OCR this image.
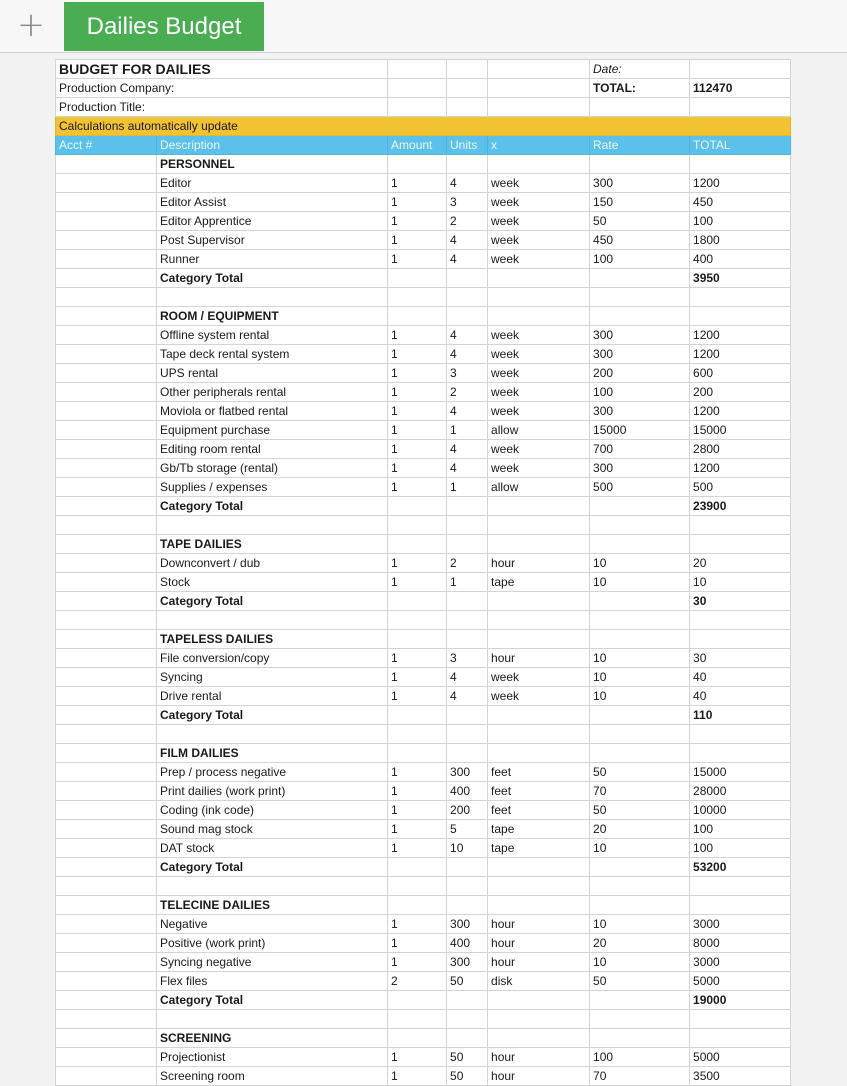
+	Dailies Budget
BUDGET FOR DAILIES					Date:	
Production Company:					TOTAL:	112470
Production Title:						
Calculations automatically update						
Acct #	Description	Amount	Units	x	Rate	TOTAL
	PERSONNEL					
	Editor	1	4	week	300	1200
	Editor Assist	1	3	week	150	450
	Editor Apprentice	1	2	week	50	100
	Post Supervisor	1	4	week	450	1800
	Runner	1	4	week	100	400
	Category Total					3950

	ROOM / EQUIPMENT					
	Offline system rental	1	4	week	300	1200
	Tape deck rental system	1	4	week	300	1200
	UPS rental	1	3	week	200	600
	Other peripherals rental	1	2	week	100	200
	Moviola or flatbed rental	1	4	week	300	1200
	Equipment purchase	1	1	allow	15000	15000
	Editing room rental	1	4	week	700	2800
	Gb/Tb storage (rental)	1	4	week	300	1200
	Supplies / expenses	1	1	allow	500	500
	Category Total					23900

	TAPE DAILIES					
	Downconvert / dub	1	2	hour	10	20
	Stock	1	1	tape	10	10
	Category Total					30

	TAPELESS DAILIES					
	File conversion/copy	1	3	hour	10	30
	Syncing	1	4	week	10	40
	Drive rental	1	4	week	10	40
	Category Total					110

	FILM DAILIES					
	Prep / process negative	1	300	feet	50	15000
	Print dailies (work print)	1	400	feet	70	28000
	Coding (ink code)	1	200	feet	50	10000
	Sound mag stock	1	5	tape	20	100
	DAT stock	1	10	tape	10	100
	Category Total					53200

	TELECINE DAILIES					
	Negative	1	300	hour	10	3000
	Positive (work print)	1	400	hour	20	8000
	Syncing negative	1	300	hour	10	3000
	Flex files	2	50	disk	50	5000
	Category Total					19000

	SCREENING					
	Projectionist	1	50	hour	100	5000
	Screening room	1	50	hour	70	3500
